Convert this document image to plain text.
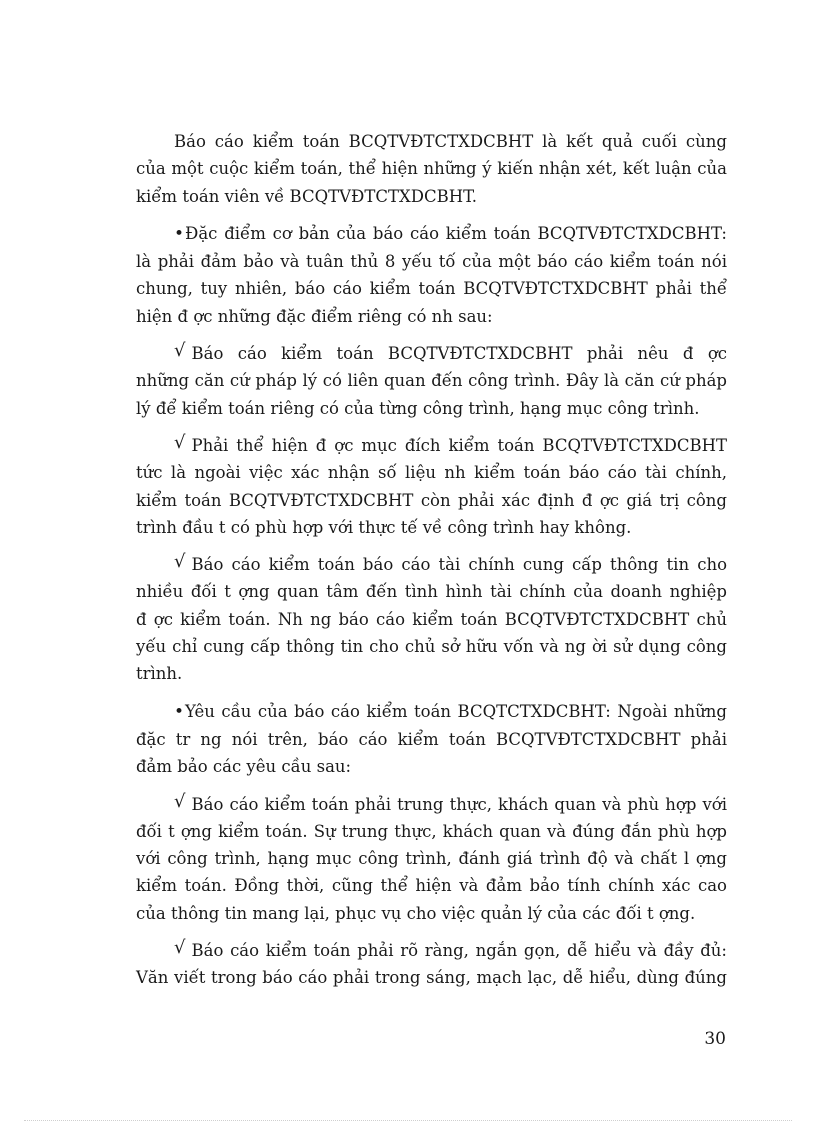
Báo cáo kiểm toán BCQTVĐTCTXDCBHT là kết quả cuối cùng
của một cuộc kiểm toán, thể hiện những ý kiến nhận xét, kết luận của
kiểm toán viên về BCQTVĐTCTXDCBHT.
•Đặc điểm cơ bản của báo cáo kiểm toán BCQTVĐTCTXDCBHT:
là phải đảm bảo và tuân thủ 8 yếu tố của một báo cáo kiểm toán nói
chung, tuy nhiên, báo cáo kiểm toán BCQTVĐTCTXDCBHT phải thể
hiện đ ợc những đặc điểm riêng có nh sau:
√ Báo cáo kiểm toán BCQTVĐTCTXDCBHT phải nêu đ ợc
những căn cứ pháp lý có liên quan đến công trình. Đây là căn cứ pháp
lý để kiểm toán riêng có của từng công trình, hạng mục công trình.
√ Phải thể hiện đ ợc mục đích kiểm toán BCQTVĐTCTXDCBHT
tức là ngoài việc xác nhận số liệu nh kiểm toán báo cáo tài chính,
kiểm toán BCQTVĐTCTXDCBHT còn phải xác định đ ợc giá trị công
trình đầu t có phù hợp với thực tế về công trình hay không.
√ Báo cáo kiểm toán báo cáo tài chính cung cấp thông tin cho
nhiều đối t ợng quan tâm đến tình hình tài chính của doanh nghiệp
đ ợc kiểm toán. Nh ng báo cáo kiểm toán BCQTVĐTCTXDCBHT chủ
yếu chỉ cung cấp thông tin cho chủ sở hữu vốn và ng ời sử dụng công
trình.
•Yêu cầu của báo cáo kiểm toán BCQTCTXDCBHT: Ngoài những
đặc tr ng nói trên, báo cáo kiểm toán BCQTVĐTCTXDCBHT phải
đảm bảo các yêu cầu sau:
√ Báo cáo kiểm toán phải trung thực, khách quan và phù hợp với
đối t ợng kiểm toán. Sự trung thực, khách quan và đúng đắn phù hợp
với công trình, hạng mục công trình, đánh giá trình độ và chất l ợng
kiểm toán. Đồng thời, cũng thể hiện và đảm bảo tính chính xác cao
của thông tin mang lại, phục vụ cho việc quản lý của các đối t ợng.
√ Báo cáo kiểm toán phải rõ ràng, ngắn gọn, dễ hiểu và đầy đủ:
Văn viết trong báo cáo phải trong sáng, mạch lạc, dễ hiểu, dùng đúng
30
